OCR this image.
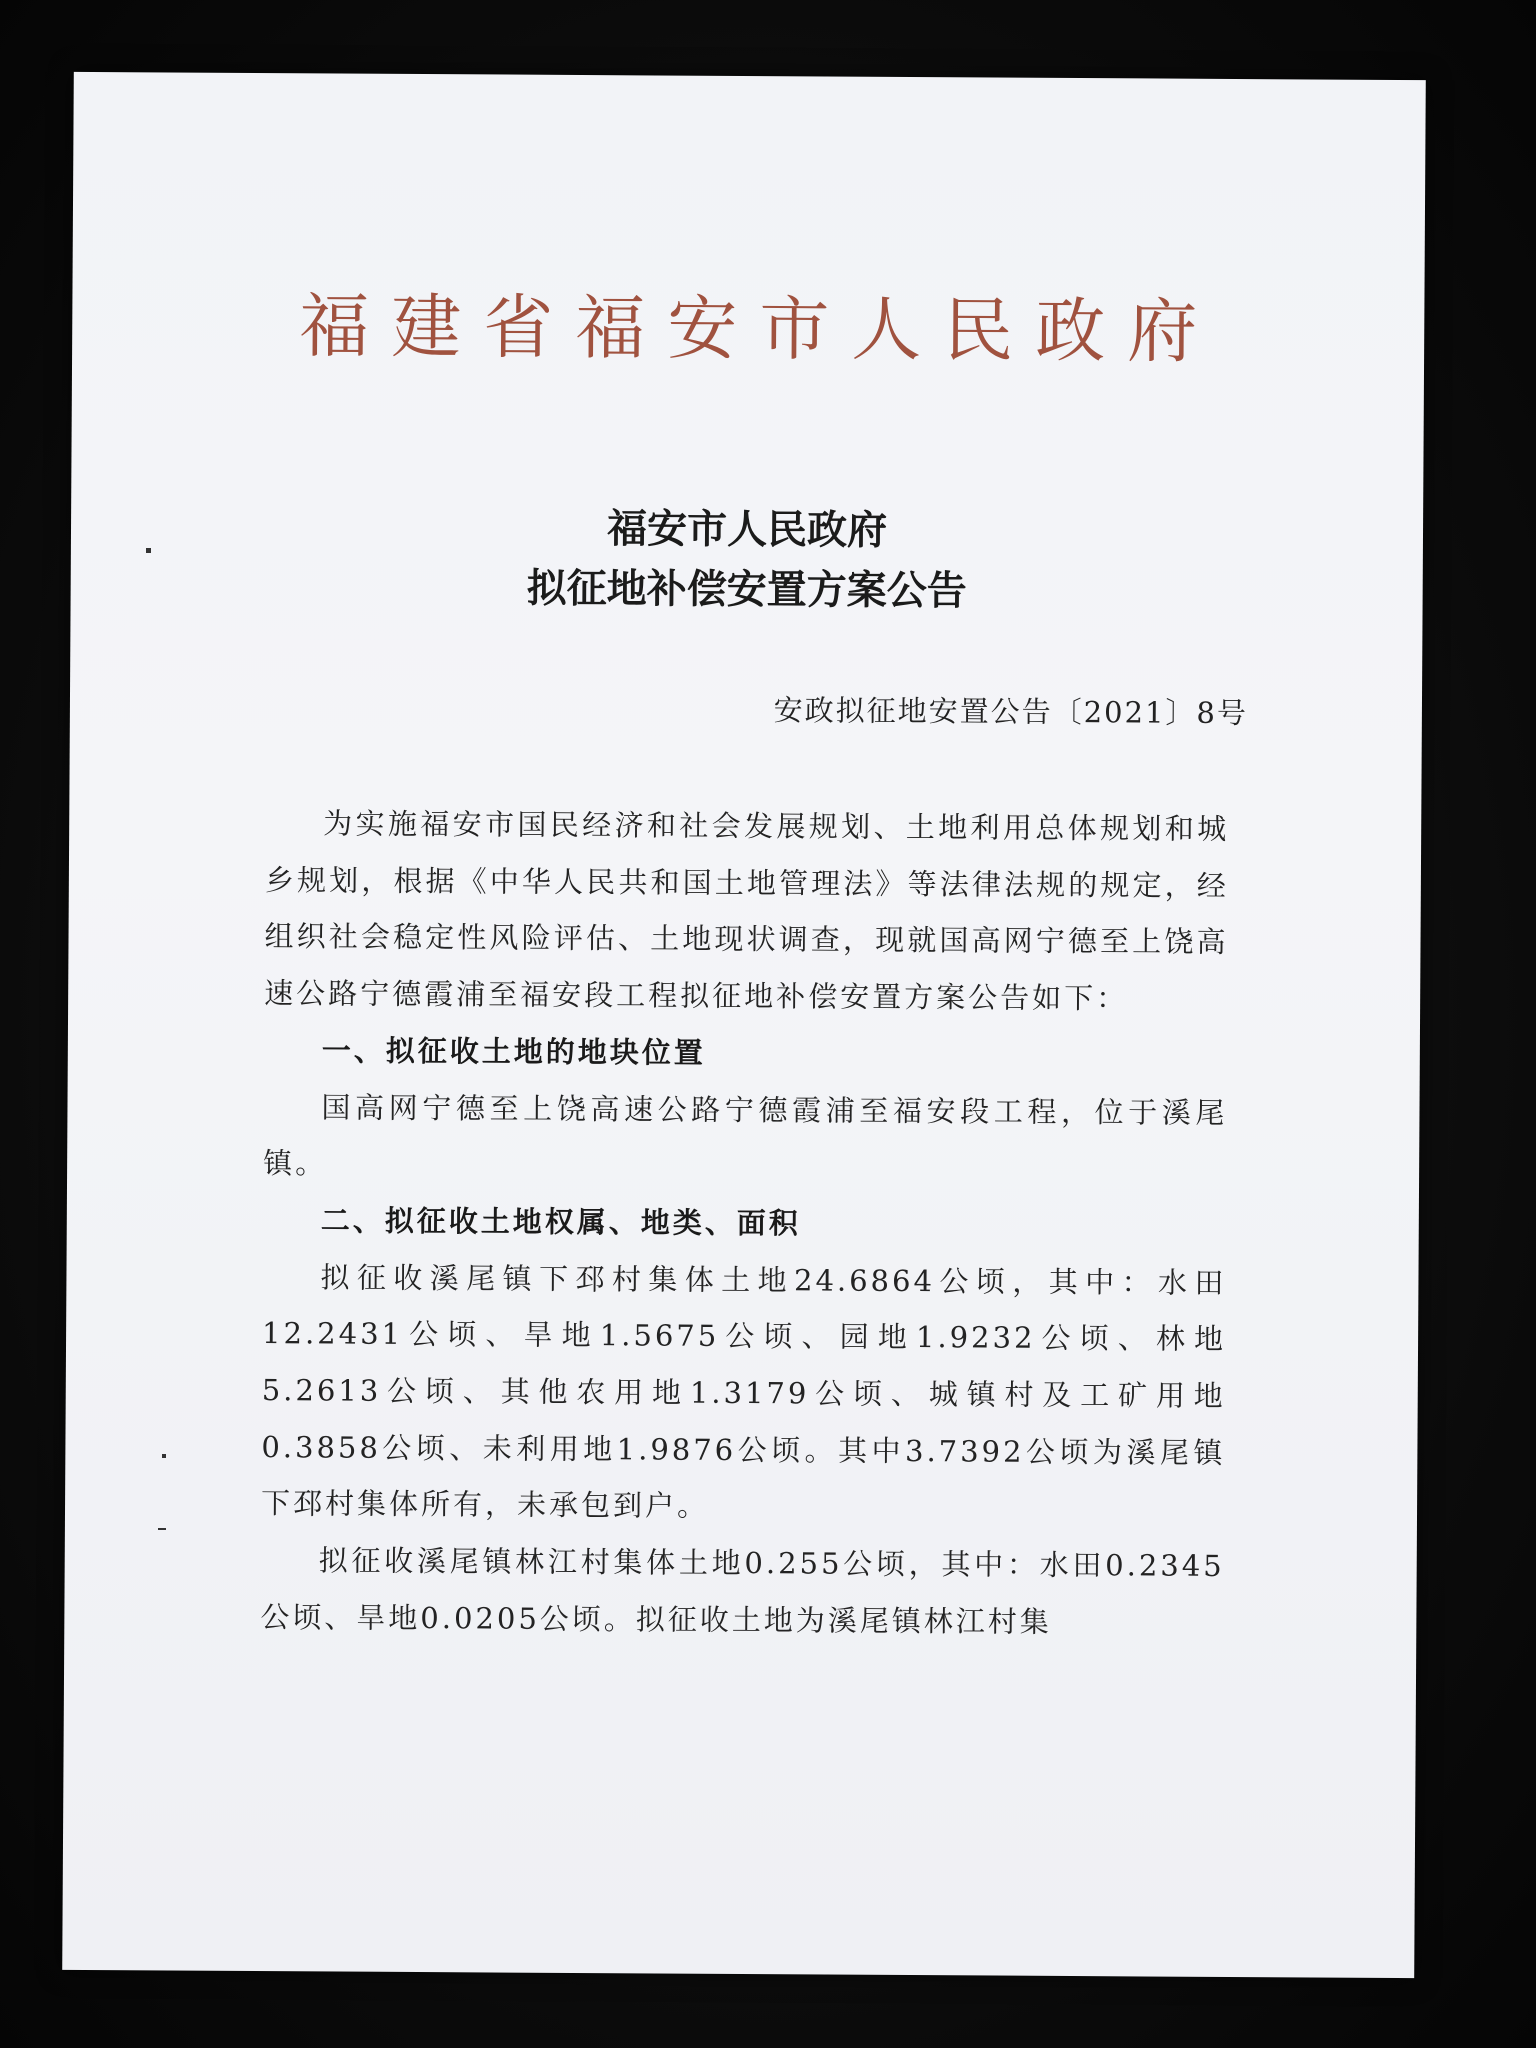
福建省福安市人民政府
福安市人民政府
拟征地补偿安置方案公告
安政拟征地安置公告〔2021〕8号

为实施福安市国民经济和社会发展规划、土地利用总体规划和城乡规划，根据《中华人民共和国土地管理法》等法律法规的规定，经组织社会稳定性风险评估、土地现状调查，现就国高网宁德至上饶高速公路宁德霞浦至福安段工程拟征地补偿安置方案公告如下：

一、拟征收土地的地块位置

国高网宁德至上饶高速公路宁德霞浦至福安段工程，位于溪尾镇。

二、拟征收土地权属、地类、面积

拟征收溪尾镇下邳村集体土地24.6864公顷，其中：水田12.2431公顷、旱地1.5675公顷、园地1.9232公顷、林地5.2613公顷、其他农用地1.3179公顷、城镇村及工矿用地0.3858公顷、未利用地1.9876公顷。其中3.7392公顷为溪尾镇下邳村集体所有，未承包到户。

拟征收溪尾镇林江村集体土地0.255公顷，其中：水田0.2345公顷、旱地0.0205公顷。拟征收土地为溪尾镇林江村集
